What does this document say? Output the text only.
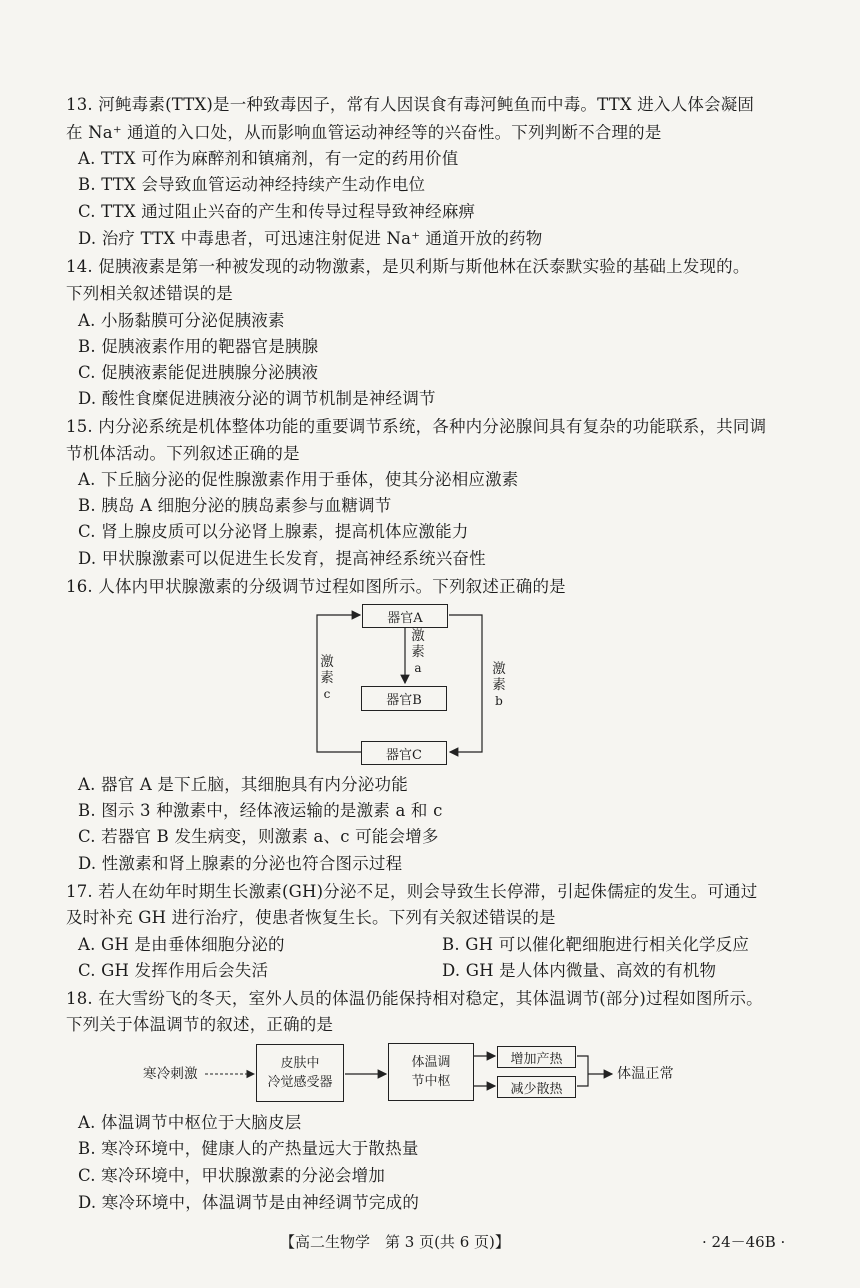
13. 河鲀毒素(TTX)是一种致毒因子，常有人因误食有毒河鲀鱼而中毒。TTX 进入人体会凝固
在 Na⁺ 通道的入口处，从而影响血管运动神经等的兴奋性。下列判断不合理的是
A. TTX 可作为麻醉剂和镇痛剂，有一定的药用价值
B. TTX 会导致血管运动神经持续产生动作电位
C. TTX 通过阻止兴奋的产生和传导过程导致神经麻痹
D. 治疗 TTX 中毒患者，可迅速注射促进 Na⁺ 通道开放的药物
14. 促胰液素是第一种被发现的动物激素，是贝利斯与斯他林在沃泰默实验的基础上发现的。
下列相关叙述错误的是
A. 小肠黏膜可分泌促胰液素
B. 促胰液素作用的靶器官是胰腺
C. 促胰液素能促进胰腺分泌胰液
D. 酸性食糜促进胰液分泌的调节机制是神经调节
15. 内分泌系统是机体整体功能的重要调节系统，各种内分泌腺间具有复杂的功能联系，共同调
节机体活动。下列叙述正确的是
A. 下丘脑分泌的促性腺激素作用于垂体，使其分泌相应激素
B. 胰岛 A 细胞分泌的胰岛素参与血糖调节
C. 肾上腺皮质可以分泌肾上腺素，提高机体应激能力
D. 甲状腺激素可以促进生长发育，提高神经系统兴奋性
16. 人体内甲状腺激素的分级调节过程如图所示。下列叙述正确的是
器官A
器官B
器官C
激
素
a	激
素
b
激
素
c
A. 器官 A 是下丘脑，其细胞具有内分泌功能
B. 图示 3 种激素中，经体液运输的是激素 a 和 c
C. 若器官 B 发生病变，则激素 a、c 可能会增多
D. 性激素和肾上腺素的分泌也符合图示过程
17. 若人在幼年时期生长激素(GH)分泌不足，则会导致生长停滞，引起侏儒症的发生。可通过
及时补充 GH 进行治疗，使患者恢复生长。下列有关叙述错误的是
A. GH 是由垂体细胞分泌的	B. GH 可以催化靶细胞进行相关化学反应
C. GH 发挥作用后会失活	D. GH 是人体内微量、高效的有机物
18. 在大雪纷飞的冬天，室外人员的体温仍能保持相对稳定，其体温调节(部分)过程如图所示。
下列关于体温调节的叙述，正确的是
寒冷刺激
皮肤中
冷觉感受器
体温调
节中枢
增加产热
减少散热
体温正常
A. 体温调节中枢位于大脑皮层
B. 寒冷环境中，健康人的产热量远大于散热量
C. 寒冷环境中，甲状腺激素的分泌会增加
D. 寒冷环境中，体温调节是由神经调节完成的
【高二生物学　第 3 页(共 6 页)】	· 24－46B ·
